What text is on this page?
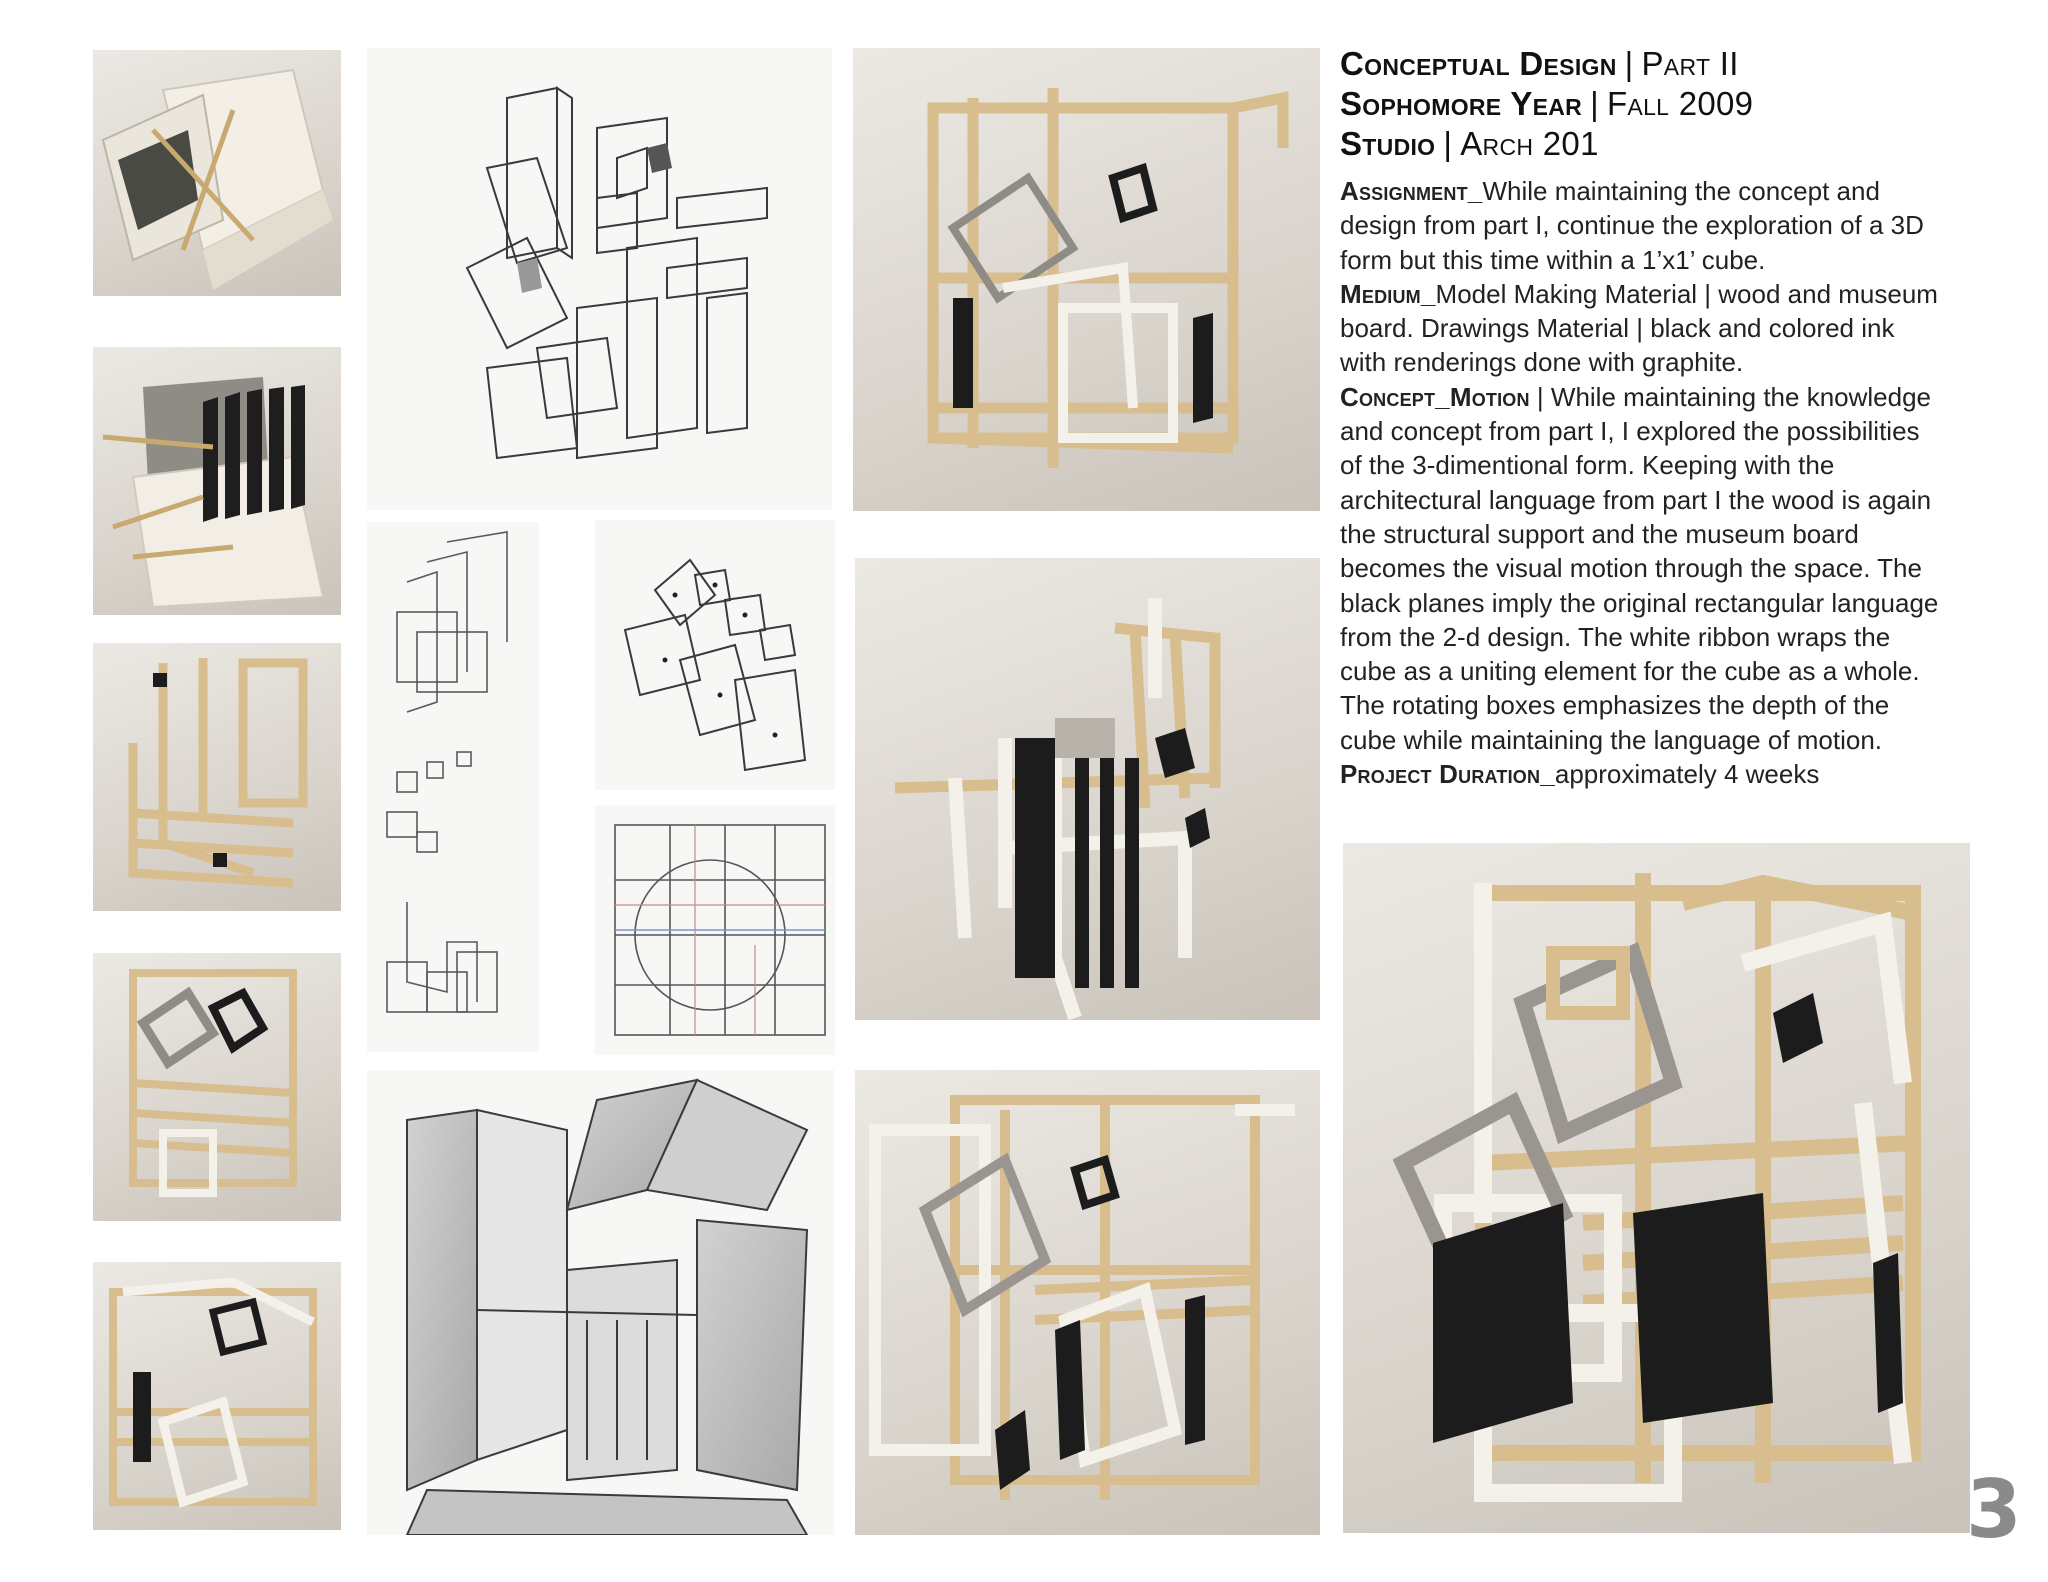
Conceptual Design | Part II
Sophomore Year | Fall 2009
Studio | Arch 201
Assignment_While maintaining the concept and design from part I, continue the exploration of a 3D form but this time within a 1’x1’ cube.
Medium_Model Making Material | wood and museum board. Drawings Material | black and colored ink with renderings done with graphite.
Concept_Motion | While maintaining the knowledge and concept from part I, I explored the possibilities of the 3-dimentional form. Keeping with the architectural language from part I the wood is again the structural support and the museum board becomes the visual motion through the space. The black planes imply the original rectangular language from the 2-d design. The white ribbon wraps the cube as a uniting element for the cube as a whole. The rotating boxes emphasizes the depth of the cube while maintaining the language of motion.
Project Duration_approximately 4 weeks
3
